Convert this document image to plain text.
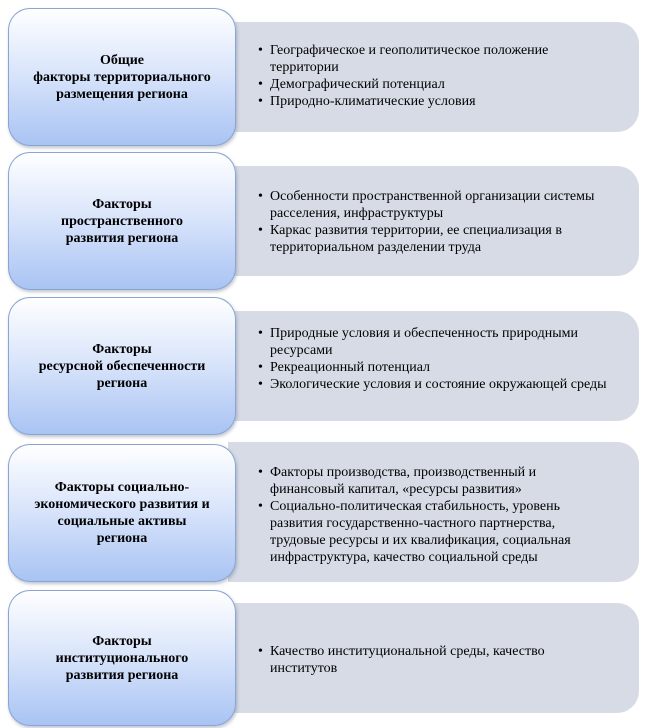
• Географическое и геополитическое положение территории
• Демографический потенциал
• Природно-климатические условия
Общие
факторы территориального
размещения региона
• Особенности пространственной организации системы расселения, инфраструктуры
• Каркас развития территории, ее специализация в территориальном разделении труда
Факторы
пространственного
развития региона
• Природные условия и обеспеченность природными ресурсами
• Рекреационный потенциал
• Экологические условия и состояние окружающей среды
Факторы
ресурсной обеспеченности
региона
• Факторы производства, производственный и финансовый капитал, «ресурсы развития»
• Социально-политическая стабильность, уровень развития государственно-частного партнерства, трудовые ресурсы и их квалификация, социальная инфраструктура, качество социальной среды
Факторы социально-
экономического развития и
социальные активы
региона
• Качество институциональной среды, качество институтов
Факторы
институционального
развития региона
